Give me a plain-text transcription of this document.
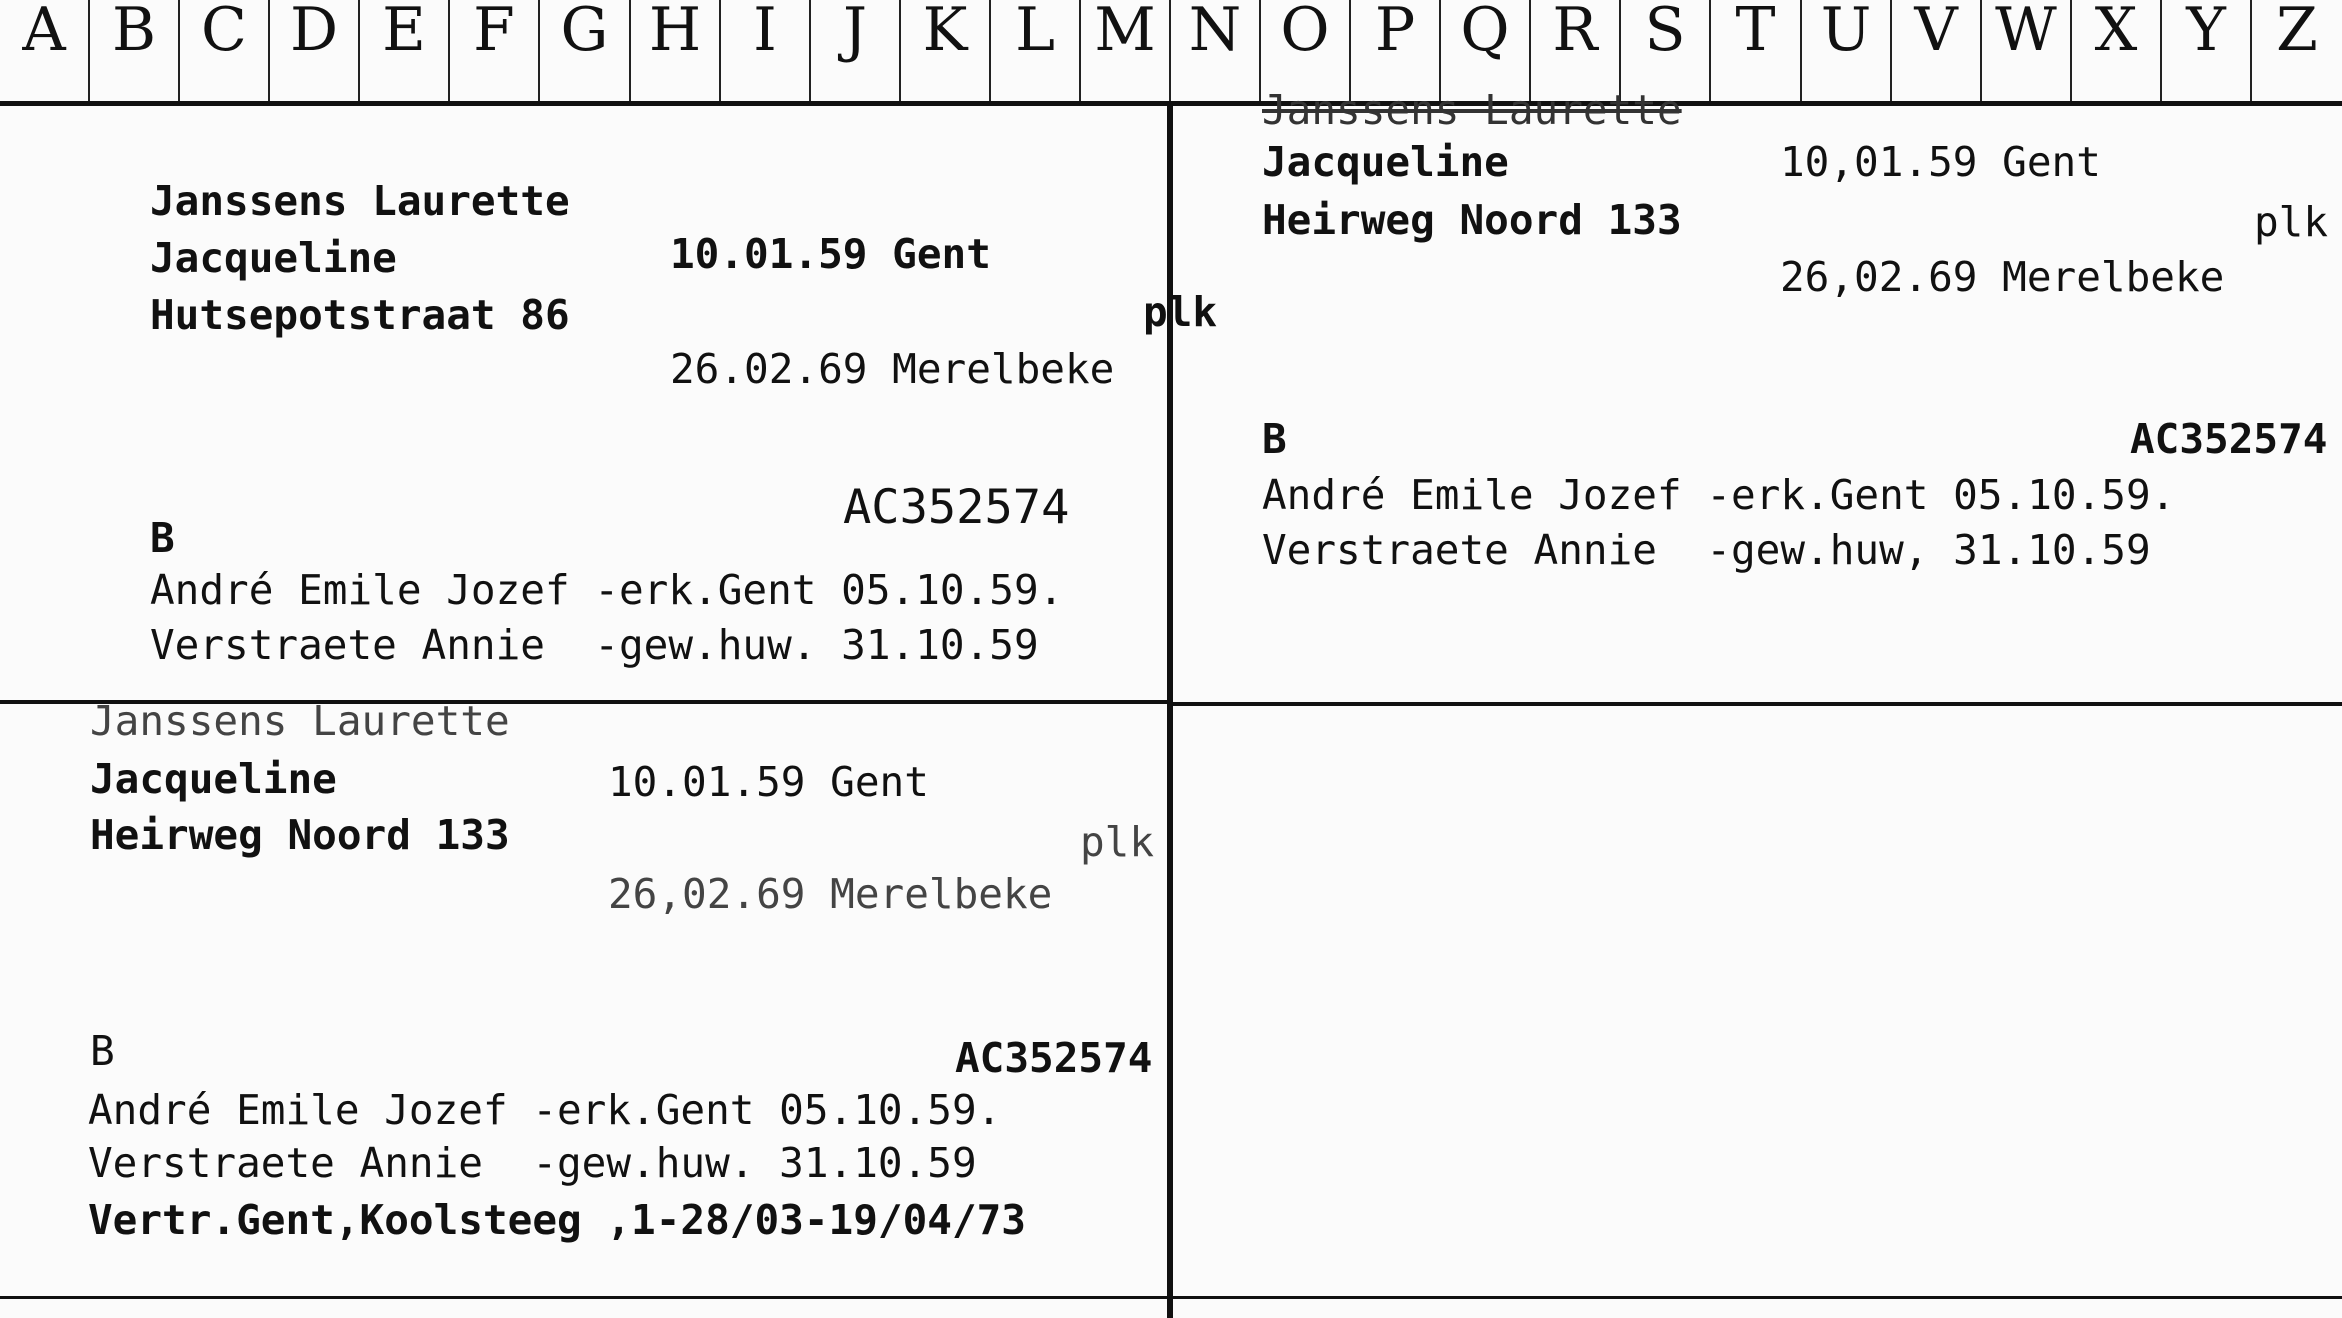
A B C D E F G H I	J K L M N O P Q R S T U V W X Y Z
Janssens Laurette
Jacqueline	10.01.59 Gent
Hutsepotstraat 86	plk
26.02.69 Merelbeke
AC352574
B
André Emile Jozef -erk.Gent 05.10.59.
Verstraete Annie  -gew.huw. 31.10.59
Janssens Laurette
Jacqueline	10,01.59 Gent
Heirweg Noord 133	plk
26,02.69 Merelbeke
B	AC352574
André Emile Jozef -erk.Gent 05.10.59.
Verstraete Annie  -gew.huw, 31.10.59
Janssens Laurette
Jacqueline	10.01.59 Gent
Heirweg Noord 133	plk
26,02.69 Merelbeke
B	AC352574
André Emile Jozef -erk.Gent 05.10.59.
Verstraete Annie  -gew.huw. 31.10.59
Vertr.Gent,Koolsteeg ,1-28/03-19/04/73
